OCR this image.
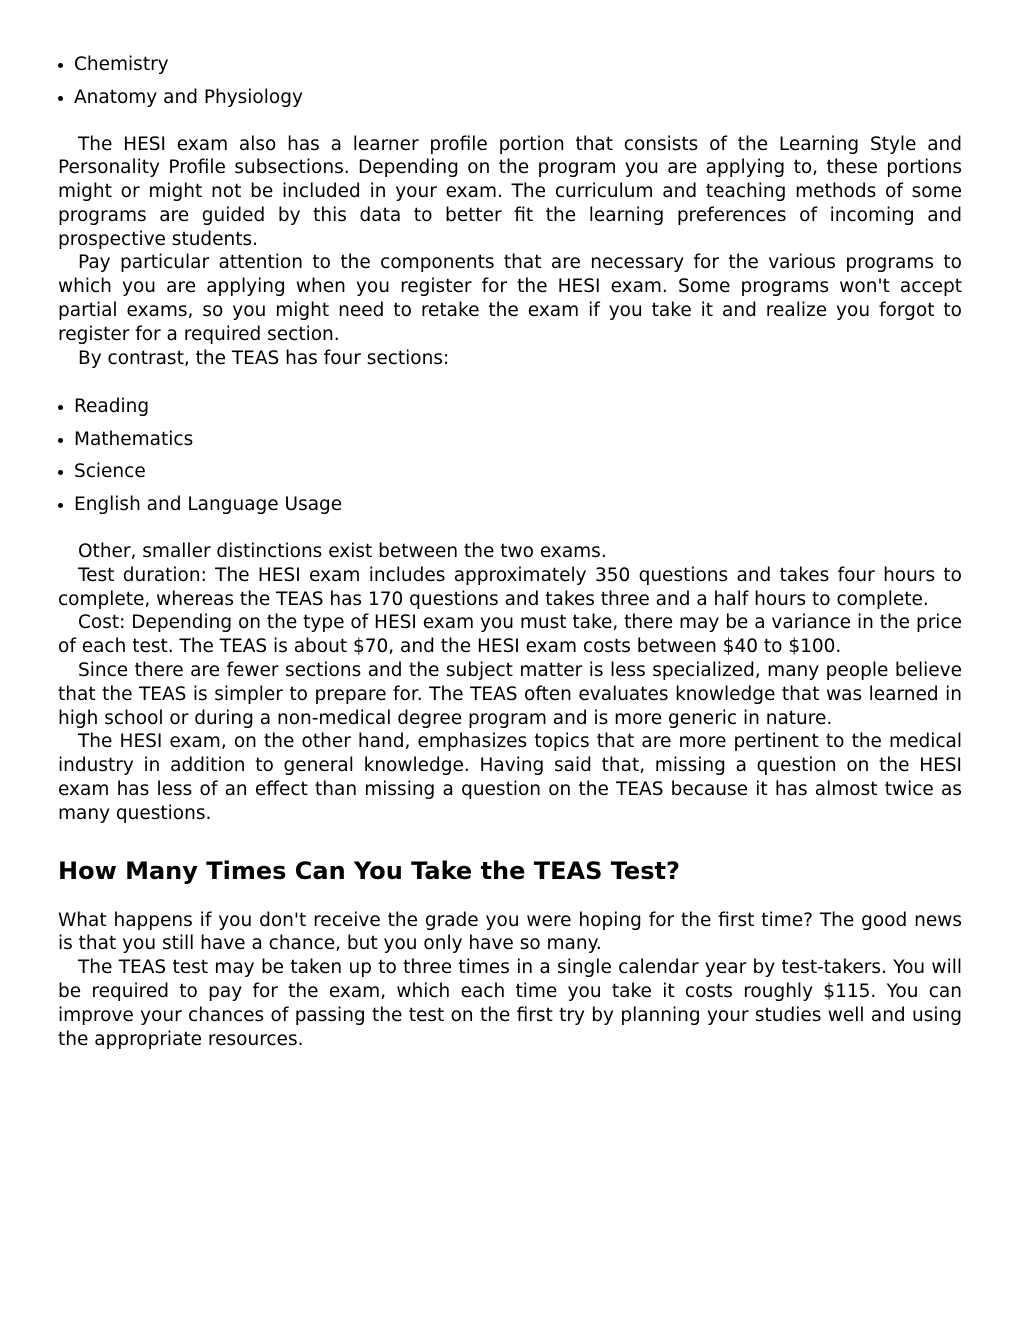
Chemistry
Anatomy and Physiology

The HESI exam also has a learner profile portion that consists of the Learning Style and Personality Profile subsections. Depending on the program you are applying to, these portions might or might not be included in your exam. The curriculum and teaching methods of some programs are guided by this data to better fit the learning preferences of incoming and prospective students.

Pay particular attention to the components that are necessary for the various programs to which you are applying when you register for the HESI exam. Some programs won't accept partial exams, so you might need to retake the exam if you take it and realize you forgot to register for a required section.

By contrast, the TEAS has four sections:

Reading
Mathematics
Science
English and Language Usage

Other, smaller distinctions exist between the two exams.

Test duration: The HESI exam includes approximately 350 questions and takes four hours to complete, whereas the TEAS has 170 questions and takes three and a half hours to complete.

Cost: Depending on the type of HESI exam you must take, there may be a variance in the price of each test. The TEAS is about $70, and the HESI exam costs between $40 to $100.

Since there are fewer sections and the subject matter is less specialized, many people believe that the TEAS is simpler to prepare for. The TEAS often evaluates knowledge that was learned in high school or during a non-medical degree program and is more generic in nature.

The HESI exam, on the other hand, emphasizes topics that are more pertinent to the medical industry in addition to general knowledge. Having said that, missing a question on the HESI exam has less of an effect than missing a question on the TEAS because it has almost twice as many questions.

How Many Times Can You Take the TEAS Test?

What happens if you don't receive the grade you were hoping for the first time? The good news is that you still have a chance, but you only have so many.

The TEAS test may be taken up to three times in a single calendar year by test-takers. You will be required to pay for the exam, which each time you take it costs roughly $115. You can improve your chances of passing the test on the first try by planning your studies well and using the appropriate resources.
